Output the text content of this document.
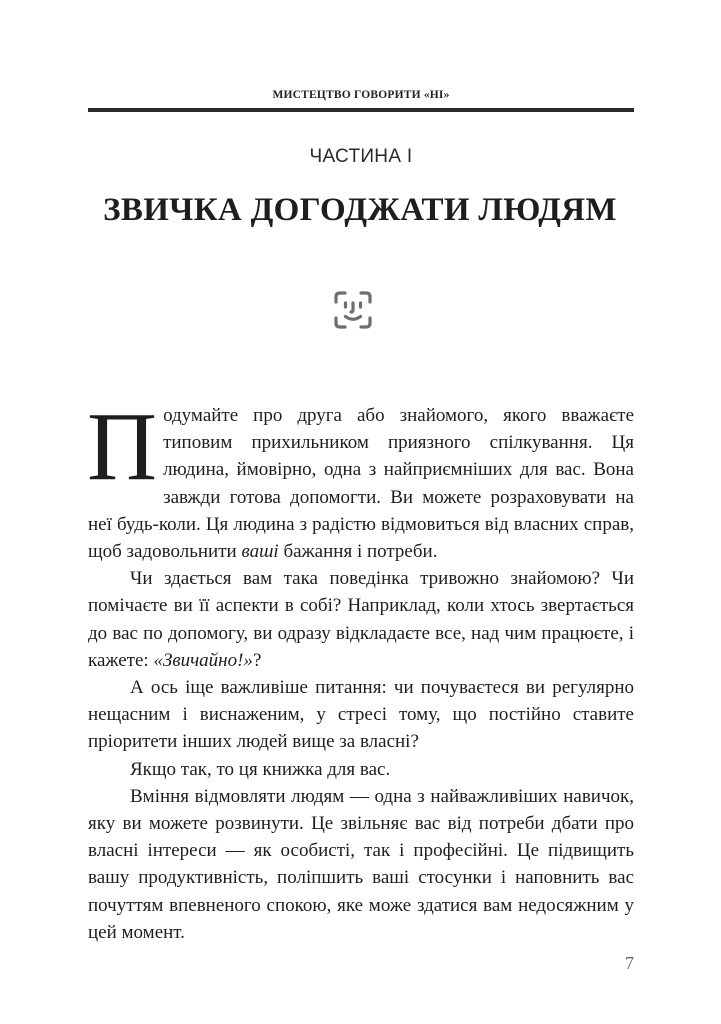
МИСТЕЦТВО ГОВОРИТИ «НІ»
ЧАСТИНА І
ЗВИЧКА ДОГОДЖАТИ ЛЮДЯМ

Подумайте про друга або знайомого, якого вважаєте типовим прихильником приязного спілкування. Ця людина, ймовірно, одна з найприємніших для вас. Вона завжди готова допомогти. Ви можете розраховувати на неї будь-коли. Ця людина з радістю відмовиться від власних справ, щоб задовольнити ваші бажання і потреби.

Чи здається вам така поведінка тривожно знайомою? Чи помічаєте ви її аспекти в собі? Наприклад, коли хтось звертається до вас по допомогу, ви одразу відкладаєте все, над чим працюєте, і кажете: «Звичайно!»?

А ось іще важливіше питання: чи почуваєтеся ви регулярно нещасним і виснаженим, у стресі тому, що постійно ставите пріоритети інших людей вище за власні?

Якщо так, то ця книжка для вас.

Вміння відмовляти людям — одна з найважливіших навичок, яку ви можете розвинути. Це звільняє вас від потреби дбати про власні інтереси — як особисті, так і професійні. Це підвищить вашу продуктивність, поліпшить ваші стосунки і наповнить вас почуттям впевненого спокою, яке може здатися вам недосяжним у цей момент.

7
